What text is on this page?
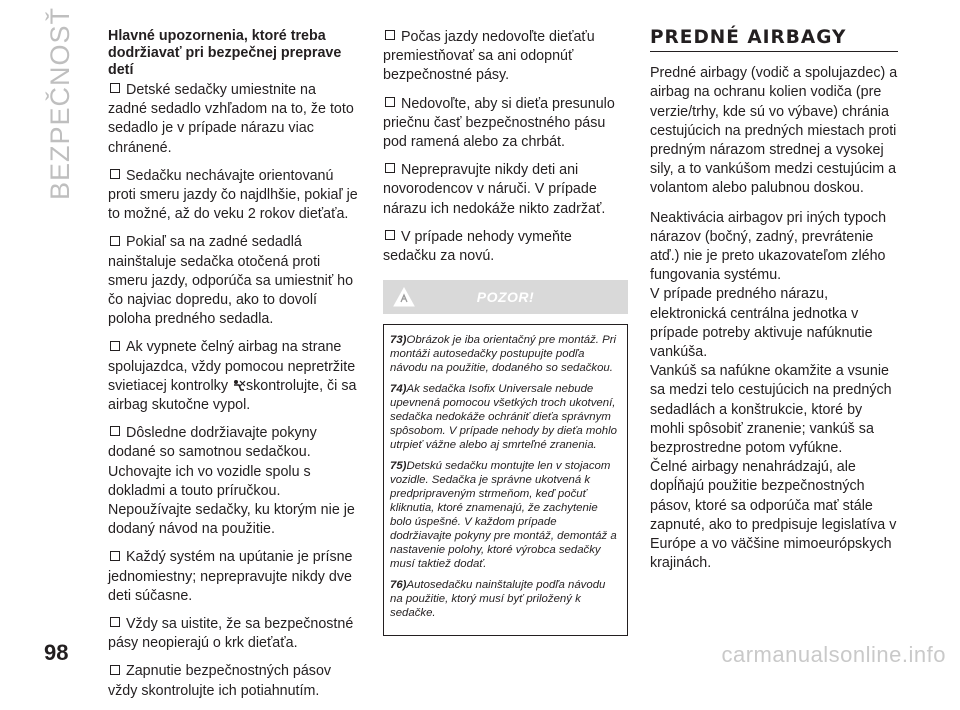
BEZPEČNOSŤ Hlavné upozornenia, ktoré treba dodržiavať pri bezpečnej preprave detí
Detské sedačky umiestnite na zadné sedadlo vzhľadom na to, že toto sedadlo je v prípade nárazu viac chránené.
Sedačku nechávajte orientovanú proti smeru jazdy čo najdlhšie, pokiaľ je to možné, až do veku 2 rokov dieťaťa.
Pokiaľ sa na zadné sedadlá nainštaluje sedačka otočená proti smeru jazdy, odporúča sa umiestniť ho čo najviac dopredu, ako to dovolí poloha predného sedadla.
Ak vypnete čelný airbag na strane spolujazdca, vždy pomocou nepretržite svietiacej kontrolky skontrolujte, či sa airbag skutočne vypol.
Dôsledne dodržiavajte pokyny dodané so samotnou sedačkou. Uchovajte ich vo vozidle spolu s dokladmi a touto príručkou. Nepoužívajte sedačky, ku ktorým nie je dodaný návod na použitie.
Každý systém na upútanie je prísne jednomiestny; neprepravujte nikdy dve deti súčasne.
Vždy sa uistite, že sa bezpečnostné pásy neopierajú o krk dieťaťa.
Zapnutie bezpečnostných pásov vždy skontrolujte ich potiahnutím.
Počas jazdy nedovoľte dieťaťu premiestňovať sa ani odopnúť bezpečnostné pásy.
Nedovoľte, aby si dieťa presunulo priečnu časť bezpečnostného pásu pod ramená alebo za chrbát.
Neprepravujte nikdy deti ani novorodencov v náruči. V prípade nárazu ich nedokáže nikto zadržať.
V prípade nehody vymeňte sedačku za novú.
POZOR!

73)Obrázok je iba orientačný pre montáž. Pri montáži autosedačky postupujte podľa návodu na použitie, dodaného so sedačkou.

74)Ak sedačka Isofix Universale nebude upevnená pomocou všetkých troch ukotvení, sedačka nedokáže ochrániť dieťa správnym spôsobom. V prípade nehody by dieťa mohlo utrpieť vážne alebo aj smrteľné zranenia.

75)Detskú sedačku montujte len v stojacom vozidle. Sedačka je správne ukotvená k predpripraveným strmeňom, keď počuť kliknutia, ktoré znamenajú, že zachytenie bolo úspešné. V každom prípade dodržiavajte pokyny pre montáž, demontáž a nastavenie polohy, ktoré výrobca sedačky musí taktiež dodať.

76)Autosedačku nainštalujte podľa návodu na použitie, ktorý musí byť priložený k sedačke.

PREDNÉ AIRBAGY

Predné airbagy (vodič a spolujazdec) a airbag na ochranu kolien vodiča (pre verzie/trhy, kde sú vo výbave) chránia cestujúcich na predných miestach proti predným nárazom strednej a vysokej sily, a to vankúšom medzi cestujúcim a volantom alebo palubnou doskou.

Neaktivácia airbagov pri iných typoch nárazov (bočný, zadný, prevrátenie atď.) nie je preto ukazovateľom zlého fungovania systému.

V prípade predného nárazu, elektronická centrálna jednotka v prípade potreby aktivuje nafúknutie vankúša.

Vankúš sa nafúkne okamžite a vsunie sa medzi telo cestujúcich na predných sedadlách a konštrukcie, ktoré by mohli spôsobiť zranenie; vankúš sa bezprostredne potom vyfúkne.

Čelné airbagy nenahrádzajú, ale dopĺňajú použitie bezpečnostných pásov, ktoré sa odporúča mať stále zapnuté, ako to predpisuje legislatíva v Európe a vo väčšine mimoeurópskych krajinách.

98	carmanualsonline.info
